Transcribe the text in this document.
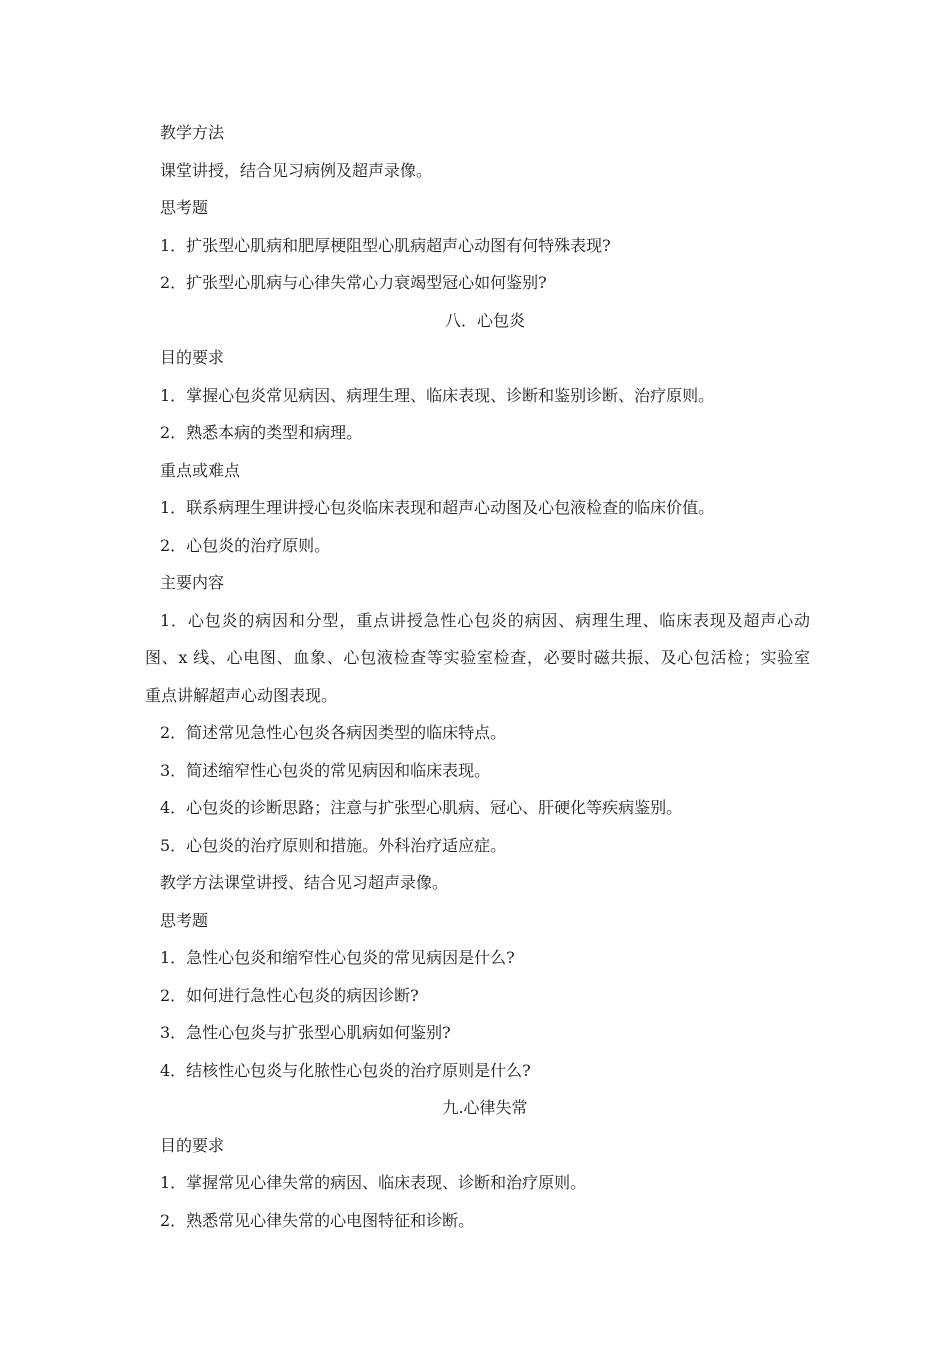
教学方法
课堂讲授，结合见习病例及超声录像。
思考题
1．扩张型心肌病和肥厚梗阻型心肌病超声心动图有何特殊表现?
2．扩张型心肌病与心律失常心力衰竭型冠心如何鉴别?
八．心包炎
目的要求
1．掌握心包炎常见病因、病理生理、临床表现、诊断和鉴别诊断、治疗原则。
2．熟悉本病的类型和病理。
重点或难点
1．联系病理生理讲授心包炎临床表现和超声心动图及心包液检查的临床价值。
2．心包炎的治疗原则。
主要内容
1．心包炎的病因和分型，重点讲授急性心包炎的病因、病理生理、临床表现及超声心动
图、x 线、心电图、血象、心包液检查等实验室检查，必要时磁共振、及心包活检；实验室
重点讲解超声心动图表现。
2．简述常见急性心包炎各病因类型的临床特点。
3．简述缩窄性心包炎的常见病因和临床表现。
4．心包炎的诊断思路；注意与扩张型心肌病、冠心、肝硬化等疾病鉴别。
5．心包炎的治疗原则和措施。外科治疗适应症。
教学方法课堂讲授、结合见习超声录像。
思考题
1．急性心包炎和缩窄性心包炎的常见病因是什么?
2．如何进行急性心包炎的病因诊断?
3．急性心包炎与扩张型心肌病如何鉴别?
4．结核性心包炎与化脓性心包炎的治疗原则是什么?
九.心律失常
目的要求
1．掌握常见心律失常的病因、临床表现、诊断和治疗原则。
2．熟悉常见心律失常的心电图特征和诊断。
